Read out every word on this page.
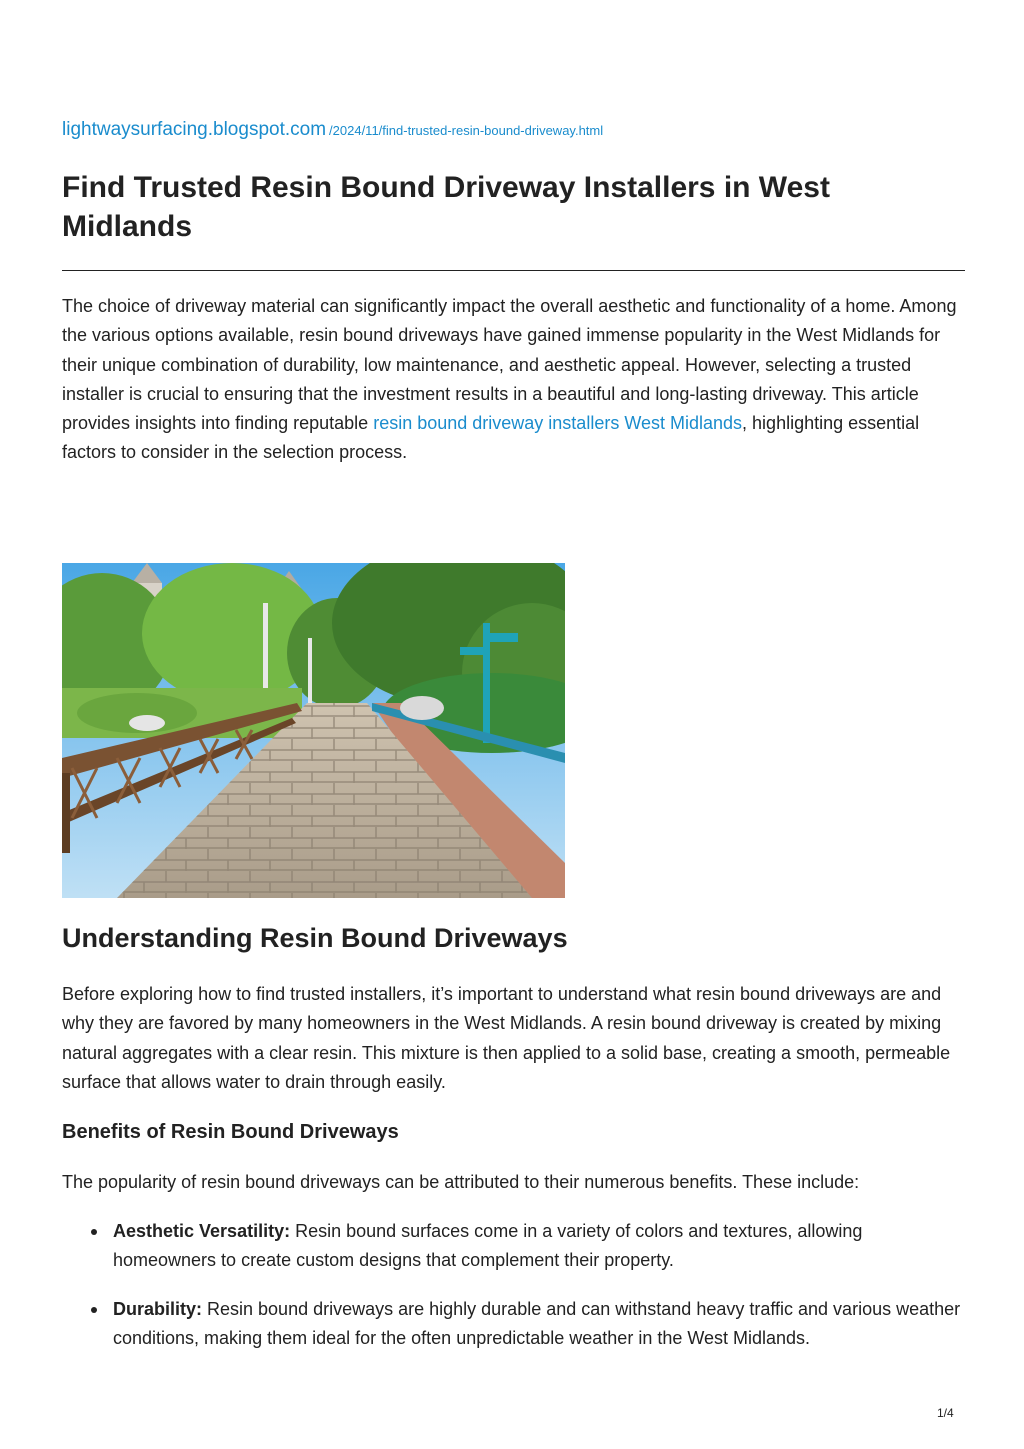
lightwaysurfacing.blogspot.com /2024/11/find-trusted-resin-bound-driveway.html
Find Trusted Resin Bound Driveway Installers in West Midlands

The choice of driveway material can significantly impact the overall aesthetic and functionality of a home. Among the various options available, resin bound driveways have gained immense popularity in the West Midlands for their unique combination of durability, low maintenance, and aesthetic appeal. However, selecting a trusted installer is crucial to ensuring that the investment results in a beautiful and long-lasting driveway. This article provides insights into finding reputable resin bound driveway installers West Midlands, highlighting essential factors to consider in the selection process.

Understanding Resin Bound Driveways

Before exploring how to find trusted installers, it’s important to understand what resin bound driveways are and why they are favored by many homeowners in the West Midlands. A resin bound driveway is created by mixing natural aggregates with a clear resin. This mixture is then applied to a solid base, creating a smooth, permeable surface that allows water to drain through easily.

Benefits of Resin Bound Driveways

The popularity of resin bound driveways can be attributed to their numerous benefits. These include:

Aesthetic Versatility: Resin bound surfaces come in a variety of colors and textures, allowing homeowners to create custom designs that complement their property.
Durability: Resin bound driveways are highly durable and can withstand heavy traffic and various weather conditions, making them ideal for the often unpredictable weather in the West Midlands.
1/4
